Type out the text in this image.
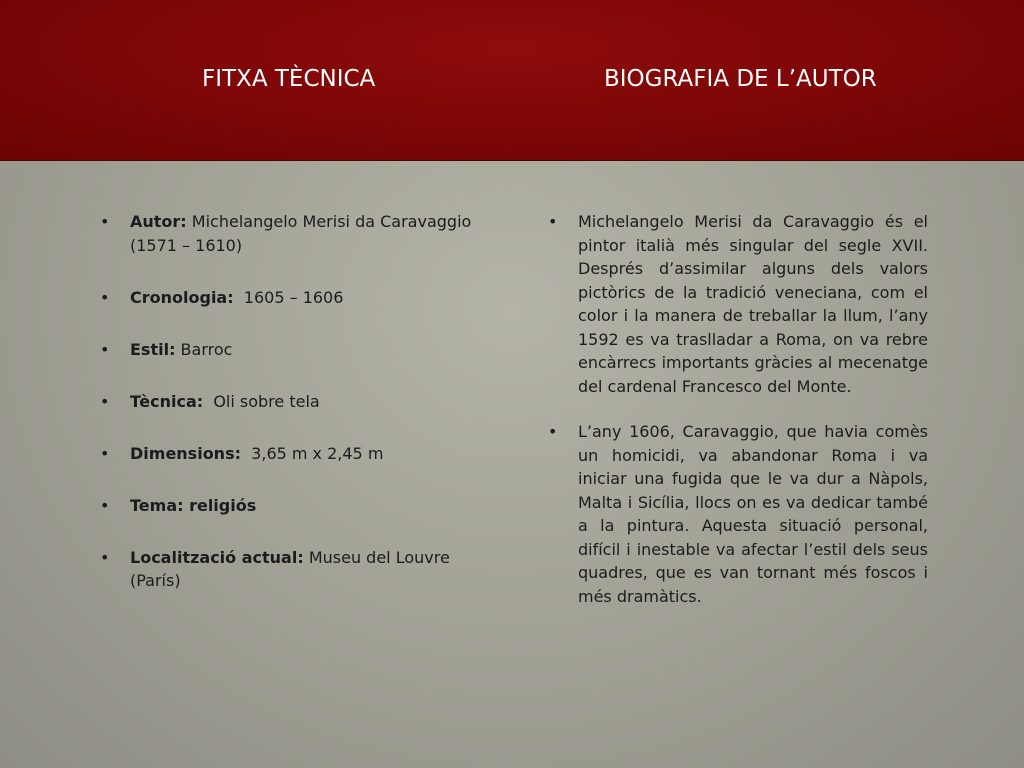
FITXA TÈCNICA	BIOGRAFIA DE L’AUTOR
• Autor: Michelangelo Merisi da Caravaggio (1571 – 1610)
• Cronologia:  1605 – 1606
• Estil: Barroc
• Tècnica:  Oli sobre tela
• Dimensions:  3,65 m x 2,45 m
• Tema: religiós
• Localització actual: Museu del Louvre (París)
• Michelangelo Merisi da Caravaggio és el pintor italià més singular del segle XVII. Després d’assimilar alguns dels valors pictòrics de la tradició veneciana, com el color i la manera de treballar la llum, l’any 1592 es va traslladar a Roma, on va rebre encàrrecs importants gràcies al mecenatge del cardenal Francesco del Monte.
• L’any 1606, Caravaggio, que havia comès un homicidi, va abandonar Roma i va iniciar una fugida que le va dur a Nàpols, Malta i Sicília, llocs on es va dedicar també a la pintura. Aquesta situació personal, difícil i inestable va afectar l’estil dels seus quadres, que es van tornant més foscos i més dramàtics.
